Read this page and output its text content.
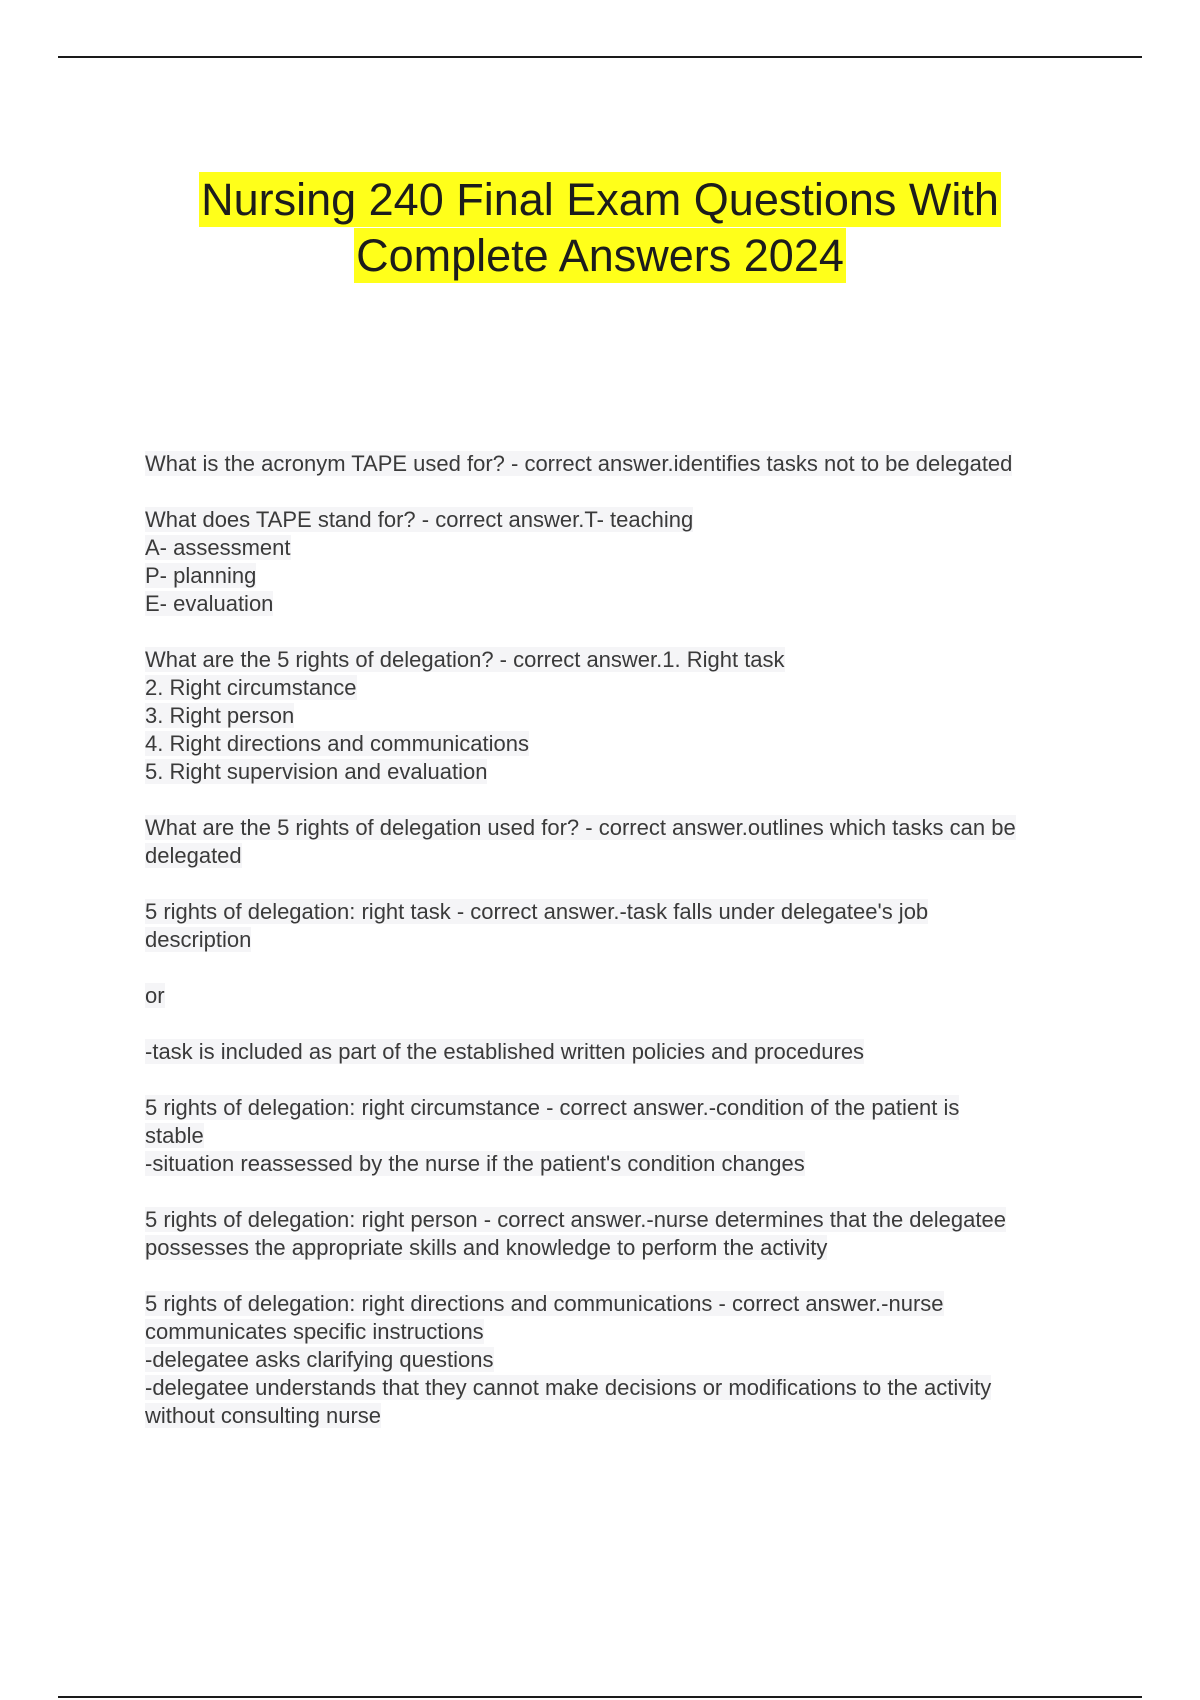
Nursing 240 Final Exam Questions With
Complete Answers 2024
What is the acronym TAPE used for? - correct answer.identifies tasks not to be delegated
What does TAPE stand for? - correct answer.T- teaching
A- assessment
P- planning
E- evaluation
What are the 5 rights of delegation? - correct answer.1. Right task
2. Right circumstance
3. Right person
4. Right directions and communications
5. Right supervision and evaluation
What are the 5 rights of delegation used for? - correct answer.outlines which tasks can be
delegated
5 rights of delegation: right task - correct answer.-task falls under delegatee's job
description
or
-task is included as part of the established written policies and procedures
5 rights of delegation: right circumstance - correct answer.-condition of the patient is
stable
-situation reassessed by the nurse if the patient's condition changes
5 rights of delegation: right person - correct answer.-nurse determines that the delegatee
possesses the appropriate skills and knowledge to perform the activity
5 rights of delegation: right directions and communications - correct answer.-nurse
communicates specific instructions
-delegatee asks clarifying questions
-delegatee understands that they cannot make decisions or modifications to the activity
without consulting nurse
